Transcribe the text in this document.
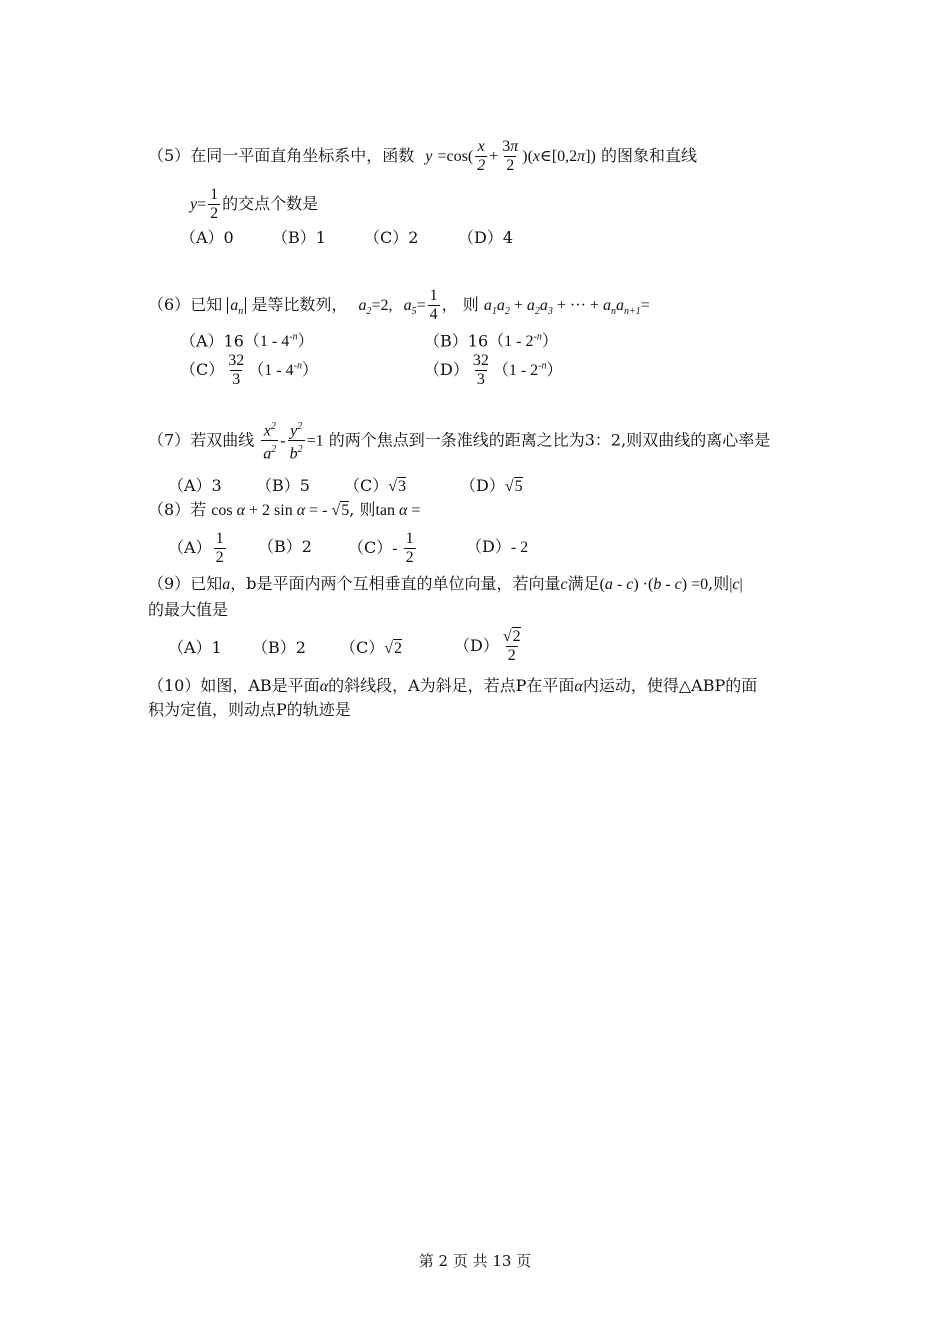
（5）在同一平面直角坐标系中，函数 $y =\cos( \frac{x}{2} + \frac{3\pi}{2}$ )(x∈[0,2π]) 的图象和直线
$y= \frac{1}{2}$ 的交点个数是
（A）0 （B）1 （C）2 （D）4
（6）已知 $a_n$ 是等比数列， $a_2=2$, $a_5= \frac{1}{4}$ ， 则 $a_1a_2 + a_2a_3$ + ··· + $a_na_{n+1}=$
$(A)16(1 - 4^{-n})$	$(B)16(1 - 2^{-n})$
$(C) \frac{32}{3} (1 - 4^{-n})$	$(D) \frac{32}{3} (1 - 2^{-n})$
（7）若双曲线 $\frac{x^2}{a^2} - \frac{y^2}{b^2} =1$ 的两个焦点到一条准线的距离之比为3：2,则双曲线的离心率是
（A）3 （B）5 （C）√3	（D）√5
（8）若 cos α + 2 sin α = - √5, 则tan α =
$(A) \frac{1}{2} (B)2$ $(C)- \frac{1}{2}$	（D）- 2
（9）已知a，b是平面内两个互相垂直的单位向量，若向量c满足(a - c) ·(b - c) =0,则|c|
的最大值是
（A）1 （B）2 （C）√2	$(D) \frac{√2}{2}$
（10）如图，AB是平面α的斜线段，A为斜足，若点P在平面α内运动，使得△ABP的面
积为定值，则动点P的轨迹是
第 2 页 共 13 页
